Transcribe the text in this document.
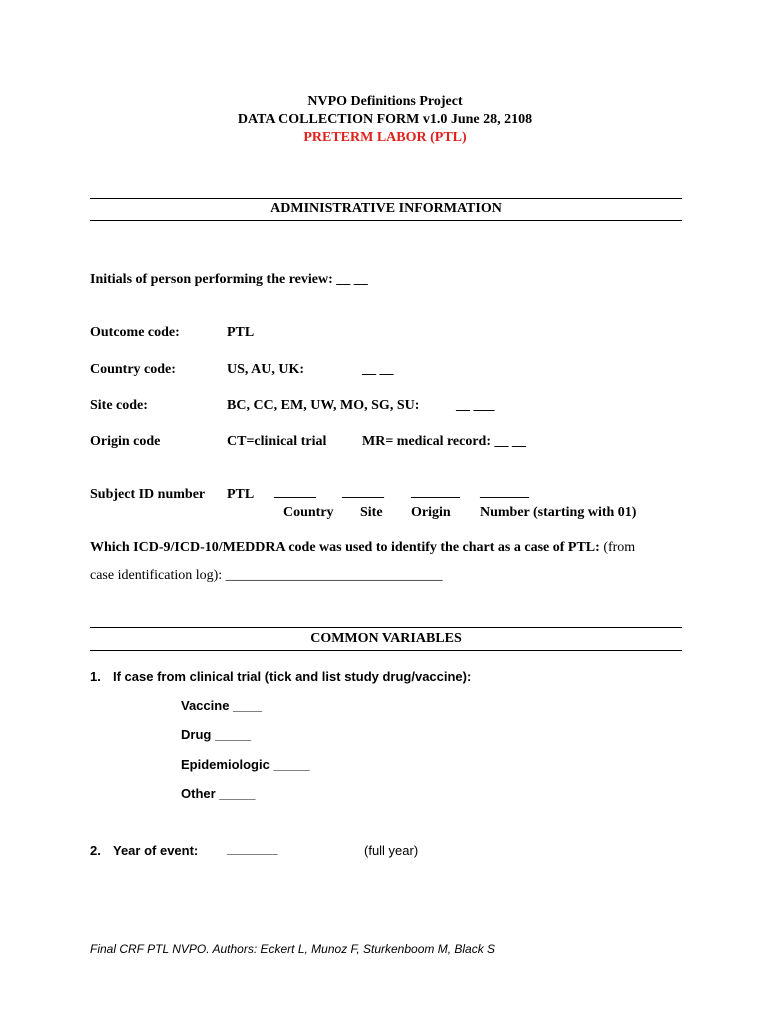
NVPO Definitions Project
DATA COLLECTION FORM v1.0 June 28, 2108
PRETERM LABOR (PTL)
ADMINISTRATIVE INFORMATION
Initials of person performing the review: __ __
Outcome code:	PTL
Country code:	US, AU, UK:	__ __
Site code:	BC, CC, EM, UW, MO, SG, SU:	__ ___
Origin code	CT=clinical trial	MR= medical record: __ __
Subject ID number PTL ______ ______ _______ _______
Country Site Origin Number (starting with 01)
Which ICD-9/ICD-10/MEDDRA code was used to identify the chart as a case of PTL: (from
case identification log): _______________________________
COMMON VARIABLES
1. If case from clinical trial (tick and list study drug/vaccine):
Vaccine ____
Drug _____
Epidemiologic _____
Other _____
2. Year of event: _______	(full year)
Final CRF PTL NVPO. Authors: Eckert L, Munoz F, Sturkenboom M, Black S
